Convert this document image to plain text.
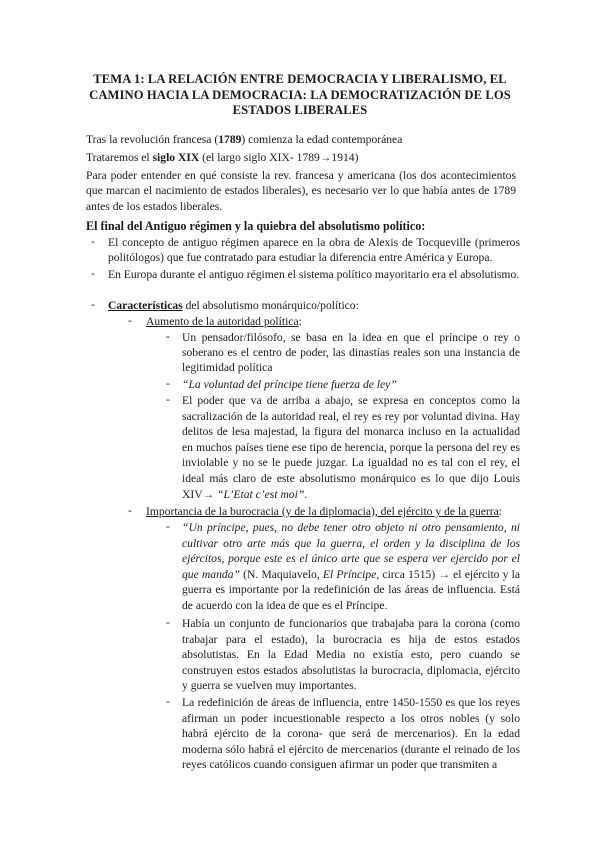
TEMA 1: LA RELACIÓN ENTRE DEMOCRACIA Y LIBERALISMO, EL CAMINO HACIA LA DEMOCRACIA: LA DEMOCRATIZACIÓN DE LOS ESTADOS LIBERALES
Tras la revolución francesa (1789) comienza la edad contemporánea
Trataremos el siglo XIX (el largo siglo XIX- 1789→1914)
Para poder entender en qué consiste la rev. francesa y americana (los dos acontecimientos que marcan el nacimiento de estados liberales), es necesario ver lo que había antes de 1789 antes de los estados liberales.
El final del Antiguo régimen y la quiebra del absolutismo político:
- El concepto de antiguo régimen aparece en la obra de Alexis de Tocqueville (primeros politólogos) que fue contratado para estudiar la diferencia entre América y Europa.
- En Europa durante el antiguo régimen el sistema político mayoritario era el absolutismo.
- Características del absolutismo monárquico/político:
- Aumento de la autoridad política:
- Un pensador/filósofo, se basa en la idea en que el príncipe o rey o soberano es el centro de poder, las dinastías reales son una instancia de legitimidad política
- “La voluntad del príncipe tiene fuerza de ley”
- El poder que va de arriba a abajo, se expresa en conceptos como la sacralización de la autoridad real, el rey es rey por voluntad divina. Hay delitos de lesa majestad, la figura del monarca incluso en la actualidad en muchos países tiene ese tipo de herencia, porque la persona del rey es inviolable y no se le puede juzgar. La igualdad no es tal con el rey, el ideal más claro de este absolutismo monárquico es lo que dijo Louis XIV→ “L’Etat c’est moi”.
- Importancia de la burocracia (y de la diplomacia), del ejército y de la guerra:
- “Un príncipe, pues, no debe tener otro objeto ni otro pensamiento, ni cultivar otro arte más que la guerra, el orden y la disciplina de los ejércitos, porque este es el único arte que se espera ver ejercido por el que manda” (N. Maquiavelo, El Príncipe, circa 1515) → el ejército y la guerra es importante por la redefinición de las áreas de influencia. Está de acuerdo con la idea de que es el Príncipe.
- Había un conjunto de funcionarios que trabajaba para la corona (como trabajar para el estado), la burocracia es hija de estos estados absolutistas. En la Edad Media no existía esto, pero cuando se construyen estos estados absolutistas la burocracia, diplomacia, ejército y guerra se vuelven muy importantes.
- La redefinición de áreas de influencia, entre 1450-1550 es que los reyes afirman un poder incuestionable respecto a los otros nobles (y solo habrá ejército de la corona- que será de mercenarios). En la edad moderna sólo habrá el ejército de mercenarios (durante el reinado de los reyes católicos cuando consiguen afirmar un poder que transmiten a
